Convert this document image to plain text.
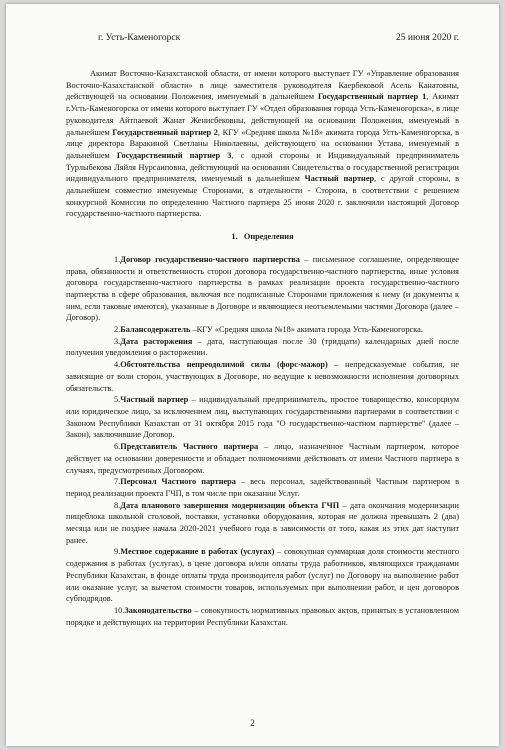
г. Усть-Каменогорск	25 июня 2020 г.

Акимат Восточно-Казахстанской области, от имени которого выступает ГУ «Управление образования Восточно-Казахстанской области» в лице заместителя руководителя Каербековой Асель Канатовны, действующей на основании Положения, именуемый в дальнейшем Государственный партнер 1, Акимат г.Усть-Каменогорска от имени которого выступает ГУ «Отдел образования города Усть-Каменогорска», в лице руководителя Айтпаевой Жанат Женисбековны, действующей на основании Положения, именуемый в дальнейшем Государственный партнер 2, КГУ «Средняя школа №18» акимата города Усть-Каменогорска, в лице директора Варакиной Светланы Николаевны, действующего на основании Устава, именуемый в дальнейшем Государственный партнер 3, с одной стороны и Индивидуальный предприниматель Турлыбекова Ляйля Нурсаиповна, действующий на основании Свидетельства о государственной регистрации индивидуального предпринимателя, именуемый в дальнейшем Частный партнер, с другой стороны, в дальнейшем совместно именуемые Сторонами, в отдельности - Сторона, в соответствии с решением конкурсной Комиссии по определению Частного партнера 25 июня 2020 г. заключили настоящий Договор государственно-частного партнерства.

1.   Определения

1.Договор государственно-частного партнерства – письменное соглашение, определяющее права, обязанности и ответственность сторон договора государственно-частного партнерства, иные условия договора государственно-частного партнерства в рамках реализации проекта государственно-частного партнерства в сфере образования, включая все подписанные Сторонами приложения к нему (и документы к ним, если таковые имеются), указанные в Договоре и являющиеся неотъемлемыми частями Договора (далее – Договор).

2.Балансодержатель –КГУ «Средняя школа №18» акимата города Усть-Каменогорска.

3.Дата расторжения – дата, наступающая после 30 (тридцати) календарных дней после получения уведомления о расторжении.

4.Обстоятельства непреодолимой силы (форс-мажор) – непредсказуемые события, не зависящие от воли сторон, участвующих в Договоре, но ведущие к невозможности исполнения договорных обязательств.

5.Частный партнер – индивидуальный предприниматель, простое товарищество, консорциум или юридическое лицо, за исключением лиц, выступающих государственными партнерами в соответствии с Законом Республики Казахстан от 31 октября 2015 года "О государственно-частном партнерстве" (далее – Закон), заключившие Договор.

6.Представитель Частного партнера – лицо, назначенное Частным партнером, которое действует на основании доверенности и обладает полномочиями действовать от имени Частного партнера в случаях, предусмотренных Договором.

7.Персонал Частного партнера – весь персонал, задействованный Частным партнером в период реализации проекта ГЧП, в том числе при оказании Услуг.

8.Дата планового завершения модернизации объекта ГЧП – дата окончания модернизации пищеблока школьной столовой, поставки, установки оборудования, которая не должна превышать 2 (два) месяца или не позднее начала 2020-2021 учебного года в зависимости от того, какая из этих дат наступит ранее.

9.Местное содержание в работах (услугах) – совокупная суммарная доля стоимости местного содержания в работах (услугах), в цене договора и/или оплаты труда работников, являющихся гражданами Республики Казахстан, в фонде оплаты труда производителя работ (услуг) по Договору на выполнение работ или оказание услуг, за вычетом стоимости товаров, используемых при выполнении работ, и цен договоров субподрядов.

10.Законодательство – совокупность нормативных правовых актов, принятых в установленном порядке и действующих на территории Республики Казахстан.

2
